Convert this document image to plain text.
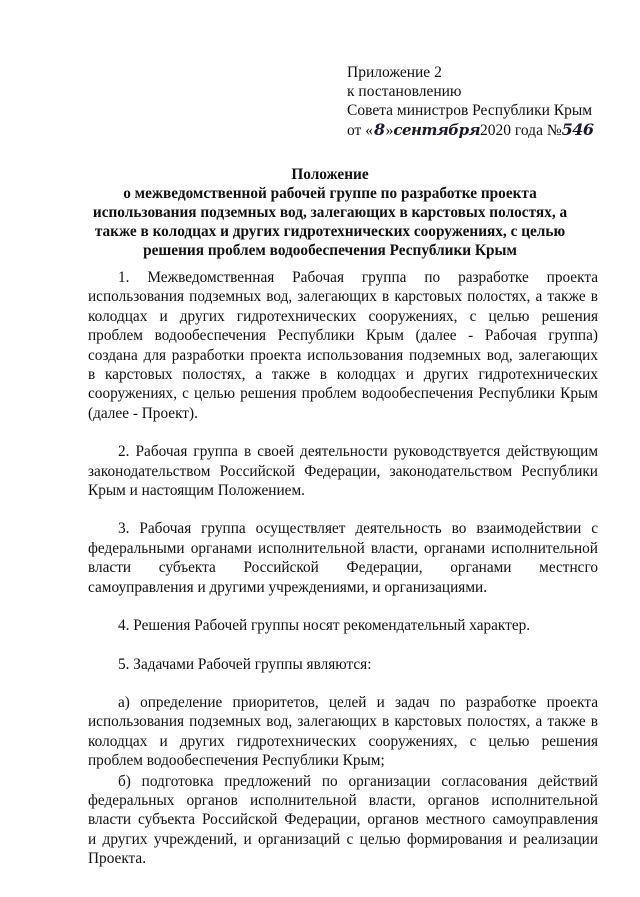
Приложение 2
к постановлению
Совета министров Республики Крым
от «8»сентября2020 года №546
Положение
о межведомственной рабочей группе по разработке проекта
использования подземных вод, залегающих в карстовых полостях, а
также в колодцах и других гидротехнических сооружениях, с целью
решения проблем водообеспечения Республики Крым
1. Межведомственная Рабочая группа по разработке проекта
использования подземных вод, залегающих в карстовых полостях, а также в
колодцах и других гидротехнических сооружениях, с целью решения
проблем водообеспечения Республики Крым (далее - Рабочая группа)
создана для разработки проекта использования подземных вод, залегающих
в карстовых полостях, а также в колодцах и других гидротехнических
сооружениях, с целью решения проблем водообеспечения Республики Крым
(далее - Проект).
2. Рабочая группа в своей деятельности руководствуется действующим
законодательством Российской Федерации, законодательством Республики
Крым и настоящим Положением.
3. Рабочая группа осуществляет деятельность во взаимодействии с
федеральными органами исполнительной власти, органами исполнительной
власти субъекта Российской Федерации, органами местнсго
самоуправления и другими учреждениями, и организациями.
4. Решения Рабочей группы носят рекомендательный характер.
5. Задачами Рабочей группы являются:
а) определение приоритетов, целей и задач по разработке проекта
использования подземных вод, залегающих в карстовых полостях, а также в
колодцах и других гидротехнических сооружениях, с целью решения
проблем водообеспечения Республики Крым;
б) подготовка предложений по организации согласования действий
федеральных органов исполнительной власти, органов исполнительной
власти субъекта Российской Федерации, органов местного самоуправления
и других учреждений, и организаций с целью формирования и реализации
Проекта.
